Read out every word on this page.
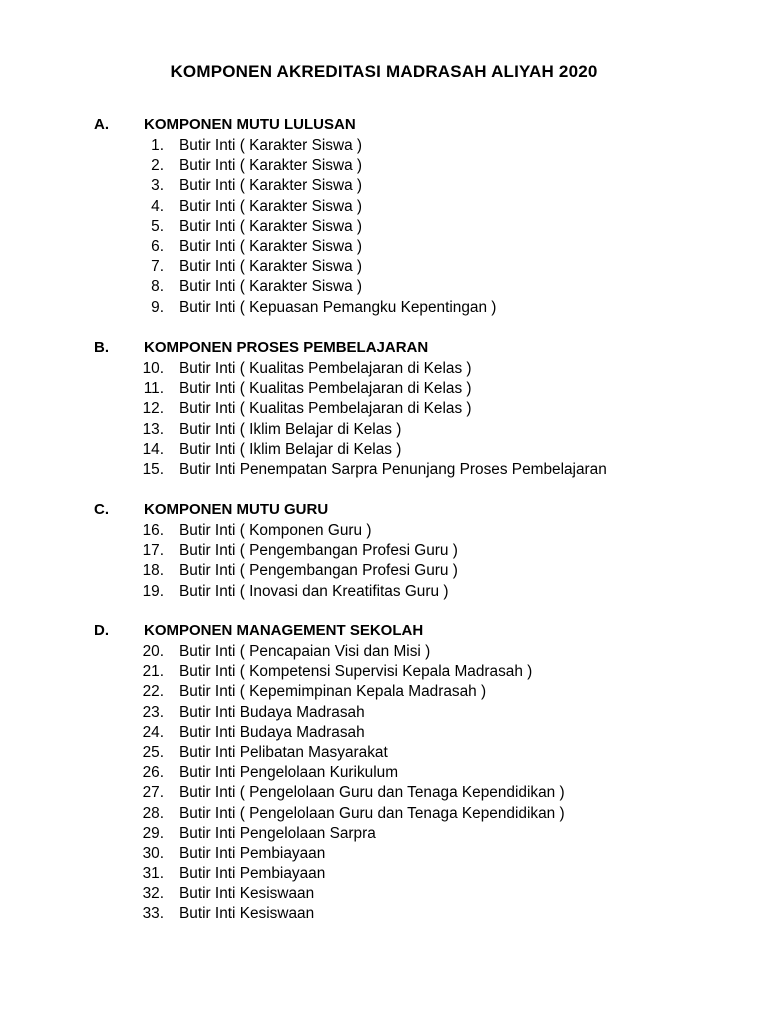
KOMPONEN AKREDITASI MADRASAH ALIYAH 2020
A.	KOMPONEN MUTU LULUSAN
1. Butir Inti ( Karakter Siswa )
2. Butir Inti ( Karakter Siswa )
3. Butir Inti ( Karakter Siswa )
4. Butir Inti ( Karakter Siswa )
5. Butir Inti ( Karakter Siswa )
6. Butir Inti ( Karakter Siswa )
7. Butir Inti ( Karakter Siswa )
8. Butir Inti ( Karakter Siswa )
9. Butir Inti ( Kepuasan Pemangku Kepentingan )
B.	KOMPONEN PROSES PEMBELAJARAN
10. Butir Inti ( Kualitas Pembelajaran di Kelas )
11. Butir Inti ( Kualitas Pembelajaran di Kelas )
12. Butir Inti ( Kualitas Pembelajaran di Kelas )
13. Butir Inti ( Iklim Belajar di Kelas )
14. Butir Inti ( Iklim Belajar di Kelas )
15. Butir Inti Penempatan Sarpra Penunjang Proses Pembelajaran
C.	KOMPONEN MUTU GURU
16. Butir Inti ( Komponen Guru )
17. Butir Inti ( Pengembangan Profesi Guru )
18. Butir Inti ( Pengembangan Profesi Guru )
19. Butir Inti ( Inovasi dan Kreatifitas Guru )
D.	KOMPONEN MANAGEMENT SEKOLAH
20. Butir Inti ( Pencapaian Visi dan Misi )
21. Butir Inti ( Kompetensi Supervisi Kepala Madrasah )
22. Butir Inti ( Kepemimpinan Kepala Madrasah )
23. Butir Inti Budaya Madrasah
24. Butir Inti Budaya Madrasah
25. Butir Inti Pelibatan Masyarakat
26. Butir Inti Pengelolaan Kurikulum
27. Butir Inti ( Pengelolaan Guru dan Tenaga Kependidikan )
28. Butir Inti ( Pengelolaan Guru dan Tenaga Kependidikan )
29. Butir Inti Pengelolaan Sarpra
30. Butir Inti Pembiayaan
31. Butir Inti Pembiayaan
32. Butir Inti Kesiswaan
33. Butir Inti Kesiswaan
